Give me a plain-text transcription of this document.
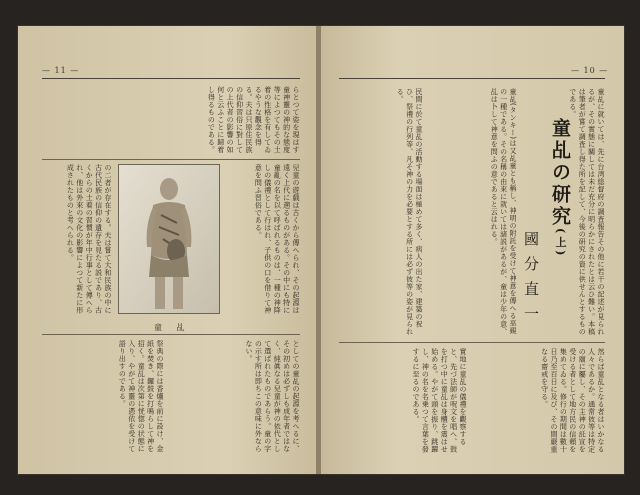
— 11 —
らとつて姿を現はす童神靈の神的な態度等によつてもその土着の性格を有してゐるやうな觀念を得る。夫は只原住民族の信仰習俗に對しての上代者の影響の如何と云ふことに歸着し得るものである。
兒童の遊戯は古くから傳へられ、その起源は遠く上代に遡るものがある。その中にも特に童亂の名を以て呼ばれるものは、一種の神降しの儀禮として行はれ、子供の口を借りて神意を問ふ習俗である。
の二者が存在する。夫は嘗て大和民族の中に古代民族の信仰の遺存を見たる説であり、古くからの土着の習慣が年中行事として傳へられ、他は外來の文化の影響によつて新たに形成されたものと考へられる。
童 乩
としての童乩の起源を考へるに、その初めは必ずしも成年者ではなく、純眞なる兒童が神の依代として選ばれたものであらう。童の字の示す所は即ちこの意味に外ならない。
祭典の際には香爐を前に設け、金紙を焚き、鑼鼓を打鳴らして神を招く。童乩は次第に恍惚の状態に入り、やがて神靈の憑依を受けて語り出すのである。
— 10 —
童乩の研究(上)
國分直一	童乩に就いては、先に台湾総督府の調査報告その他に若干の記述が見られるが、その實態に關しては未だ充分に明らかにされたとは云ひ難い。本稿は筆者が嘗て調査し得た所を記して、今後の研究の資に供せんとするものである。
童乩(タンキー)は又乩童とも稱し、神明の附託を受けて神意を傳へる巫覡の一種である。その名稱の由來に就いては諸説があるが、童は少年の意、乩は卜して神意を問ふの意であると云はれる。
民間に於て童乩の活動する場面は極めて多く、病人の出た家、建築の祝ひ、祭禮の行列等、凡そ神の力を必要とする所には必ず彼等の姿が見られる。
然らば童乩となる者はいかなる人々であるか。通常彼等は特定の廟に屬し、その主神の託宣を受ける者として地方民の信頼を集めてゐる。修行の期間は數十日乃至百日に及び、その間嚴重なる齋戒を守る。
實地に童乩の儀禮を觀察すると、先づ法師が呪文を唱へ、鼓を打つ中に童乩は身體を震はせ始める。やがて頭を振り、跳躍し、神の名を名乗つて言葉を發するに至るのである。
